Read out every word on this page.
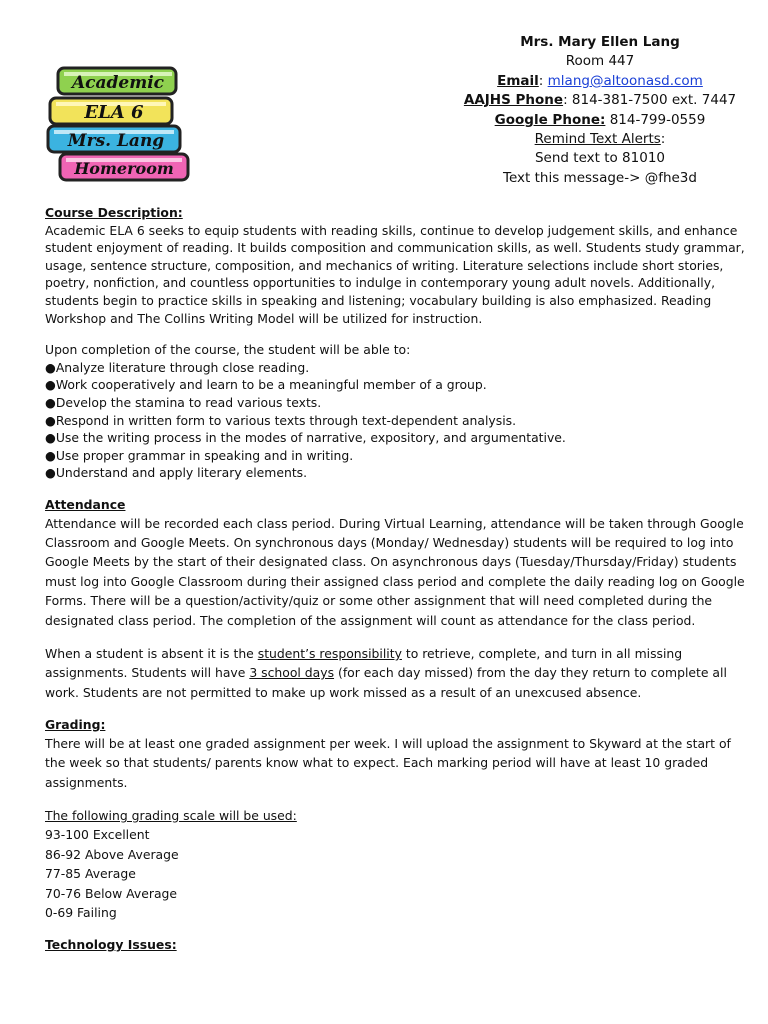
Academic
ELA 6
Mrs. Lang
Homeroom
Mrs. Mary Ellen Lang
Room 447
Email: mlang@altoonasd.com
AAJHS Phone: 814-381-7500 ext. 7447
Google Phone: 814-799-0559
Remind Text Alerts:
Send text to 81010
Text this message-> @fhe3d
Course Description:

Academic ELA 6 seeks to equip students with reading skills, continue to develop judgement skills, and enhance student enjoyment of reading. It builds composition and communication skills, as well. Students study grammar, usage, sentence structure, composition, and mechanics of writing. Literature selections include short stories, poetry, nonfiction, and countless opportunities to indulge in contemporary young adult novels. Additionally, students begin to practice skills in speaking and listening; vocabulary building is also emphasized. Reading Workshop and The Collins Writing Model will be utilized for instruction.

Upon completion of the course, the student will be able to:

● Analyze literature through close reading.
● Work cooperatively and learn to be a meaningful member of a group.
● Develop the stamina to read various texts.
● Respond in written form to various texts through text-dependent analysis.
● Use the writing process in the modes of narrative, expository, and argumentative.
● Use proper grammar in speaking and in writing.
● Understand and apply literary elements.
Attendance

Attendance will be recorded each class period. During Virtual Learning, attendance will be taken through Google Classroom and Google Meets. On synchronous days (Monday/ Wednesday) students will be required to log into Google Meets by the start of their designated class. On asynchronous days (Tuesday/Thursday/Friday) students must log into Google Classroom during their assigned class period and complete the daily reading log on Google Forms. There will be a question/activity/quiz or some other assignment that will need completed during the designated class period. The completion of the assignment will count as attendance for the class period.

When a student is absent it is the student’s responsibility to retrieve, complete, and turn in all missing assignments. Students will have 3 school days (for each day missed) from the day they return to complete all work. Students are not permitted to make up work missed as a result of an unexcused absence.

Grading:

There will be at least one graded assignment per week. I will upload the assignment to Skyward at the start of the week so that students/ parents know what to expect. Each marking period will have at least 10 graded assignments.

The following grading scale will be used:

93-100 Excellent

86-92 Above Average

77-85 Average

70-76 Below Average

0-69 Failing

Technology Issues:
